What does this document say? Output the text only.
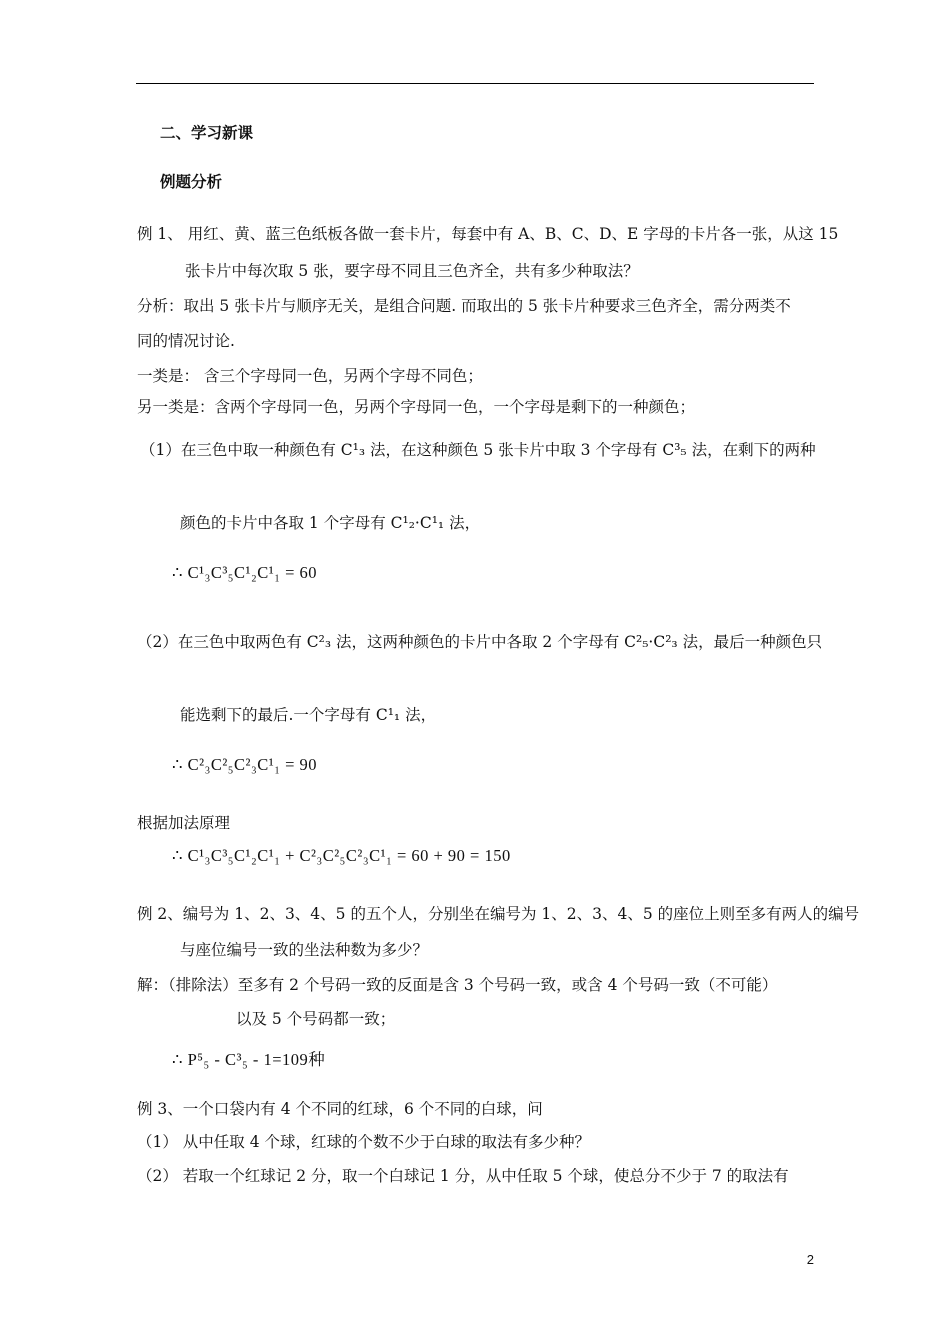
二、学习新课
例题分析
例 1、 用红、黄、蓝三色纸板各做一套卡片，每套中有 A、B、C、D、E 字母的卡片各一张，从这 15
张卡片中每次取 5 张，要字母不同且三色齐全，共有多少种取法？
分析：取出 5 张卡片与顺序无关，是组合问题. 而取出的 5 张卡片种要求三色齐全，需分两类不
同的情况讨论.
一类是： 含三个字母同一色，另两个字母不同色；
另一类是：含两个字母同一色，另两个字母同一色，一个字母是剩下的一种颜色；
（1）在三色中取一种颜色有 C¹₃ 法，在这种颜色 5 张卡片中取 3 个字母有 C³₅ 法，在剩下的两种
颜色的卡片中各取 1 个字母有 C¹₂·C¹₁ 法，
∴ C¹₃C³₅C¹₂C¹₁ = 60
（2）在三色中取两色有 C²₃ 法，这两种颜色的卡片中各取 2 个字母有 C²₅·C²₃ 法，最后一种颜色只
能选剩下的最后.一个字母有 C¹₁ 法，
∴ C²₃C²₅C²₃C¹₁ = 90
根据加法原理
∴ C¹₃C³₅C¹₂C¹₁ + C²₃C²₅C²₃C¹₁ = 60 + 90 = 150
例 2、编号为 1、2、3、4、5 的五个人，分别坐在编号为 1、2、3、4、5 的座位上则至多有两人的编号
与座位编号一致的坐法种数为多少？
解：（排除法）至多有 2 个号码一致的反面是含 3 个号码一致，或含 4 个号码一致（不可能）
以及 5 个号码都一致；
∴ P⁵₅ - C³₅ - 1=109种
例 3、一个口袋内有 4 个不同的红球，6 个不同的白球，问
（1） 从中任取 4 个球，红球的个数不少于白球的取法有多少种？
（2） 若取一个红球记 2 分，取一个白球记 1 分，从中任取 5 个球，使总分不少于 7 的取法有
2
